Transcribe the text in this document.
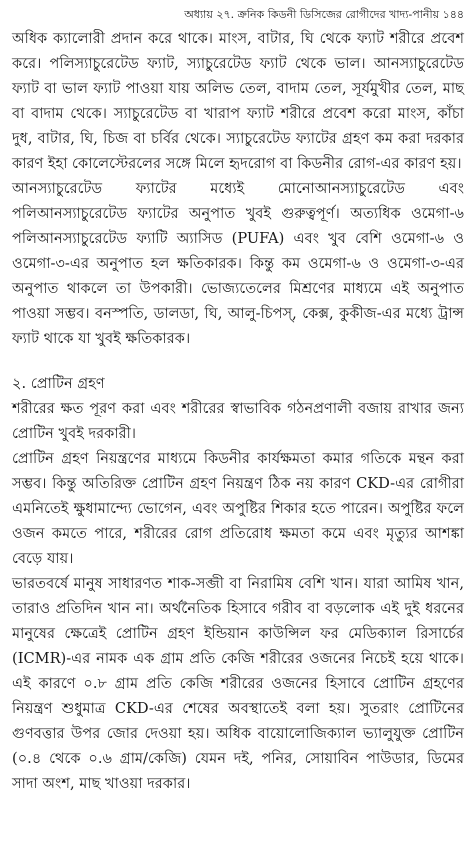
অধ্যায় ২৭. ক্রনিক কিডনী ডিসিজের রোগীদের খাদ্য-পানীয় ১৪৪

অধিক ক্যালোরী প্রদান করে থাকে। মাংস, বাটার, ঘি থেকে ফ্যাট শরীরে প্রবেশ করে। পলিস্যাচুরেটেড ফ্যাট, স্যাচুরেটেড ফ্যাট থেকে ভাল। আনস্যাচুরেটেড ফ্যাট বা ভাল ফ্যাট পাওয়া যায় অলিভ তেল, বাদাম তেল, সূর্যমুখীর তেল, মাছ বা বাদাম থেকে। স্যাচুরেটেড বা খারাপ ফ্যাট শরীরে প্রবেশ করো মাংস, কাঁচা দুধ, বাটার, ঘি, চিজ বা চর্বির থেকে। স্যাচুরেটেড ফ্যাটের গ্রহণ কম করা দরকার কারণ ইহা কোলেস্টেরলের সঙ্গে মিলে হৃদরোগ বা কিডনীর রোগ-এর কারণ হয়।

আনস্যাচুরেটেড ফ্যাটের মধ্যেই মোনোআনস্যাচুরেটেড এবং পলিআনস্যাচুরেটেড ফ্যাটের অনুপাত খুবই গুরুত্বপূর্ণ। অত্যধিক ওমেগা-৬ পলিআনস্যাচুরেটেড ফ্যাটি অ্যাসিড (PUFA) এবং খুব বেশি ওমেগা-৬ ও ওমেগা-৩-এর অনুপাত হল ক্ষতিকারক। কিন্তু কম ওমেগা-৬ ও ওমেগা-৩-এর অনুপাত থাকলে তা উপকারী। ভোজ্যতেলের মিশ্রণের মাধ্যমে এই অনুপাত পাওয়া সম্ভব। বনস্পতি, ডালডা, ঘি, আলু-চিপস্, কেক্স, কুকীজ-এর মধ্যে ট্রান্স ফ্যাট থাকে যা খুবই ক্ষতিকারক।

২. প্রোটিন গ্রহণ

শরীরের ক্ষত পূরণ করা এবং শরীরের স্বাভাবিক গঠনপ্রণালী বজায় রাখার জন্য প্রোটিন খুবই দরকারী।

প্রোটিন গ্রহণ নিয়ন্ত্রণের মাধ্যমে কিডনীর কার্যক্ষমতা কমার গতিকে মন্থন করা সম্ভব। কিন্তু অতিরিক্ত প্রোটিন গ্রহণ নিয়ন্ত্রণ ঠিক নয় কারণ CKD-এর রোগীরা এমনিতেই ক্ষুধামান্দ্যে ভোগেন, এবং অপুষ্টির শিকার হতে পারেন। অপুষ্টির ফলে ওজন কমতে পারে, শরীরের রোগ প্রতিরোধ ক্ষমতা কমে এবং মৃত্যুর আশঙ্কা বেড়ে যায়।

ভারতবর্ষে মানুষ সাধারণত শাক-সব্জী বা নিরামিষ বেশি খান। যারা আমিষ খান, তারাও প্রতিদিন খান না। অর্থনৈতিক হিসাবে গরীব বা বড়লোক এই দুই ধরনের মানুষের ক্ষেত্রেই প্রোটিন গ্রহণ ইন্ডিয়ান কাউন্সিল ফর মেডিক্যাল রিসার্চের (ICMR)-এর নামক এক গ্রাম প্রতি কেজি শরীরের ওজনের নিচেই হয়ে থাকে। এই কারণে ০.৮ গ্রাম প্রতি কেজি শরীরের ওজনের হিসাবে প্রোটিন গ্রহণের নিয়ন্ত্রণ শুধুমাত্র CKD-এর শেষের অবস্থাতেই বলা হয়। সুতরাং প্রোটিনের গুণবত্তার উপর জোর দেওয়া হয়। অধিক বায়োলোজিক্যাল ভ্যালুযুক্ত প্রোটিন (০.৪ থেকে ০.৬ গ্রাম/কেজি) যেমন দই, পনির, সোয়াবিন পাউডার, ডিমের সাদা অংশ, মাছ খাওয়া দরকার।
